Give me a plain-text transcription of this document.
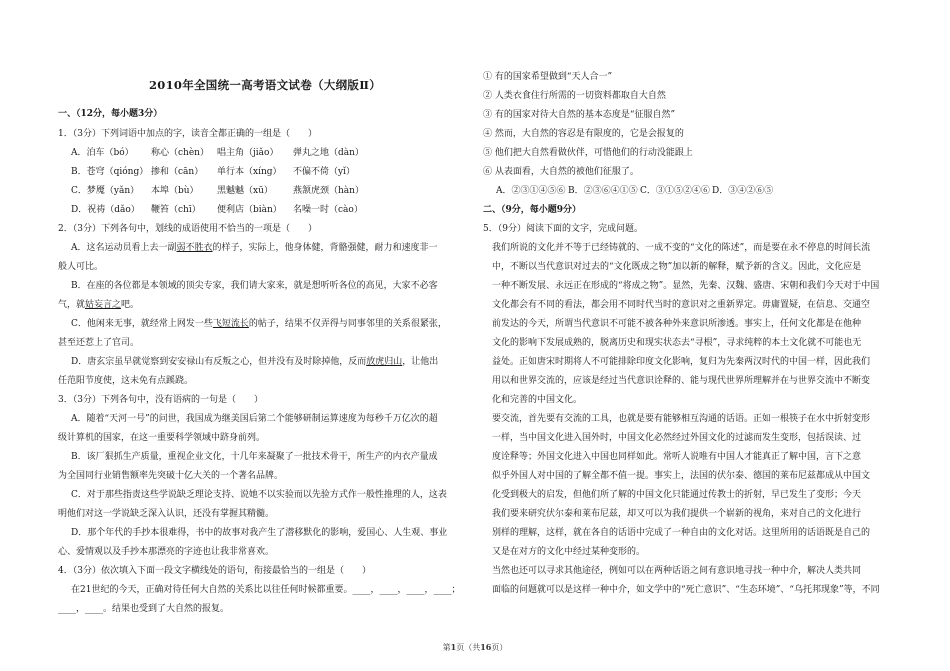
2010年全国统一高考语文试卷（大纲版Ⅱ）
一、（12分，每小题3分）
1．（3分）下列词语中加点的字，读音全都正确的一组是（　　）
A．泊车（bó）	称心（chèn） 唱主角（jiǎo）	弹丸之地（dàn）
B．苍穹（qióng） 掺和（cān）	单行本（xíng）	不偏不倚（yǐ）
C．梦魇（yǎn）	本埠（bù）	黑魆魆（xū）	燕颔虎颈（hàn）
D．祝祷（dǎo）	鞭笞（chī）	便利店（biàn）	名噪一时（cào）
2．（3分）下列各句中，划线的成语使用不恰当的一项是（　　）
A．这名运动员看上去一副弱不胜衣的样子，实际上，他身体健，背骼强健，耐力和速度非一
般人可比。
B．在座的各位都是本领域的顶尖专家，我们请大家来，就是想听听各位的高见，大家不必客
气，就姑妄言之吧。
C．他闲来无事，就经常上网发一些飞短流长的帖子，结果不仅弄得与同事邻里的关系很紧张，
甚至还惹上了官司。
D．唐玄宗虽早就觉察到安安禄山有反叛之心，但并没有及时除掉他，反而放虎归山，让他出
任范阳节度使，这未免有点蹊跷。
3．（3分）下列各句中，没有语病的一句是（　　）
A．随着“天河一号”的问世，我国成为继美国后第二个能够研制运算速度为每秒千万亿次的超
级计算机的国家，在这一重要科学领域中跻身前列。
B．该厂狠抓生产质量，重视企业文化，十几年来凝聚了一批技术骨干，所生产的内衣产量成
为全国同行业销售额率先突破十亿大关的一个著名品牌。
C．对于那些指责这些学说缺乏理论支持、说她不以实验而以先验方式作一般性推理的人，这表
明他们对这一学说缺乏深入认识，还没有掌握其精髓。
D．那个年代的手抄本很难得，书中的故事对我产生了潜移默化的影响，爱国心、人生观、事业
心、爱情观以及手抄本那漂亮的字迹也让我非常喜欢。
4．（3分）依次填入下面一段文字横线处的语句，衔接最恰当的一组是（　　）
在21世纪的今天，正确对待任何大自然的关系比以往任何时候都重要。____，____，____，____；
____，____。结果也受到了大自然的报复。
① 有的国家希望做到“天人合一”
② 人类衣食住行所需的一切资料都取自大自然
③ 有的国家对待大自然的基本态度是“征服自然”
④ 然而，大自然的容忍是有限度的，它是会报复的
⑤ 他们把大自然看做伙伴，可惜他们的行动没能跟上
⑥ 从表面看，大自然的被他们征服了。
A．②③①④⑤⑥ B．②③⑥④①⑤ C．③①⑤②④⑥ D．③④②⑥⑤
二、（9分，每小题9分）
5．（9分）阅读下面的文字，完成问题。
我们所说的文化并不等于已经铸就的、一成不变的“文化的陈述”，而是要在永不停息的时间长流
中，不断以当代意识对过去的“文化既成之物”加以新的解释，赋予新的含义。因此，文化应是
一种不断发展、永远正在形成的“将成之物”。显然，先秦、汉魏、盛唐、宋朝和我们今天对于中国
文化都会有不同的看法，都会用不同时代当时的意识对之重新界定。毋庸置疑，在信息、交通空
前发达的今天，所谓当代意识不可能不被各种外来意识所渗透。事实上，任何文化都是在他种
文化的影响下发展成熟的，脱离历史和现实状态去“寻根”，寻求纯粹的本土文化就不可能也无
益处。正如唐宋时期将人不可能排除印度文化影响，复归为先秦两汉时代的中国一样，因此我们
用以和世界交流的，应该是经过当代意识诠释的、能与现代世界所理解并在与世界交流中不断变
化和完善的中国文化。
要交流，首先要有交流的工具，也就是要有能够相互沟通的话语。正如一根筷子在水中折射变形
一样，当中国文化进入国外时，中国文化必然经过外国文化的过滤而发生变形，包括误读、过
度诠释等；外国文化进入中国也同样如此。常听人说唯有中国人才能真正了解中国，言下之意
似乎外国人对中国的了解全都不值一提。事实上，法国的伏尔泰、德国的莱布尼兹都成从中国文
化受到极大的启发，但他们所了解的中国文化只能通过传教士的折射，早已发生了变形；今天
我们要来研究伏尔泰和莱布尼兹，却又可以为我们提供一个崭新的视角，来对自己的文化进行
别样的理解，这样，就在各自的话语中完成了一种自由的文化对话。这里所用的话语既是自己的
又是在对方的文化中经过某种变形的。
当然也还可以寻求其他途径，例如可以在两种话语之间有意识地寻找一种中介，解决人类共同
面临的问题就可以是这样一种中介，如文学中的“死亡意识”、“生态环境”、“乌托邦现象”等，不同
第1页（共16页）
